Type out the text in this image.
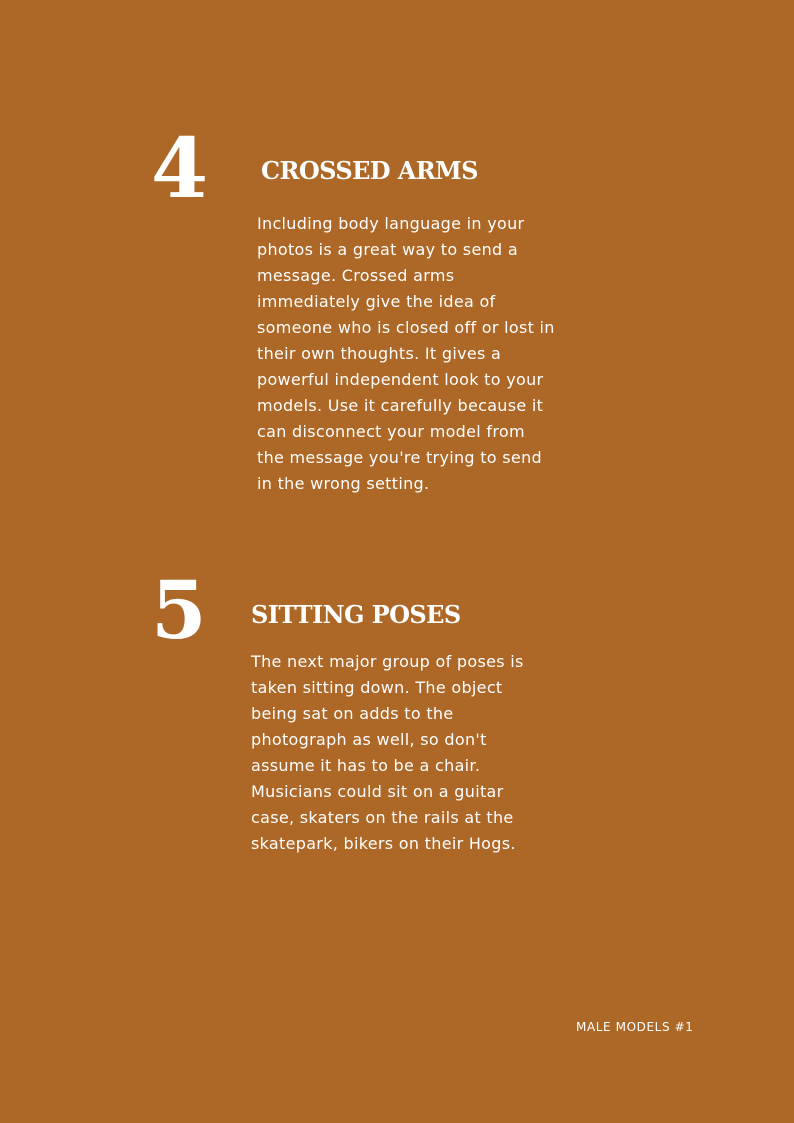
4 CROSSED ARMS

Including body language in your photos is a great way to send a message. Crossed arms immediately give the idea of someone who is closed off or lost in their own thoughts. It gives a powerful independent look to your models. Use it carefully because it can disconnect your model from the message you're trying to send in the wrong setting.

5 SITTING POSES

The next major group of poses is taken sitting down. The object being sat on adds to the photograph as well, so don't assume it has to be a chair. Musicians could sit on a guitar case, skaters on the rails at the skatepark, bikers on their Hogs.

MALE MODELS #1
